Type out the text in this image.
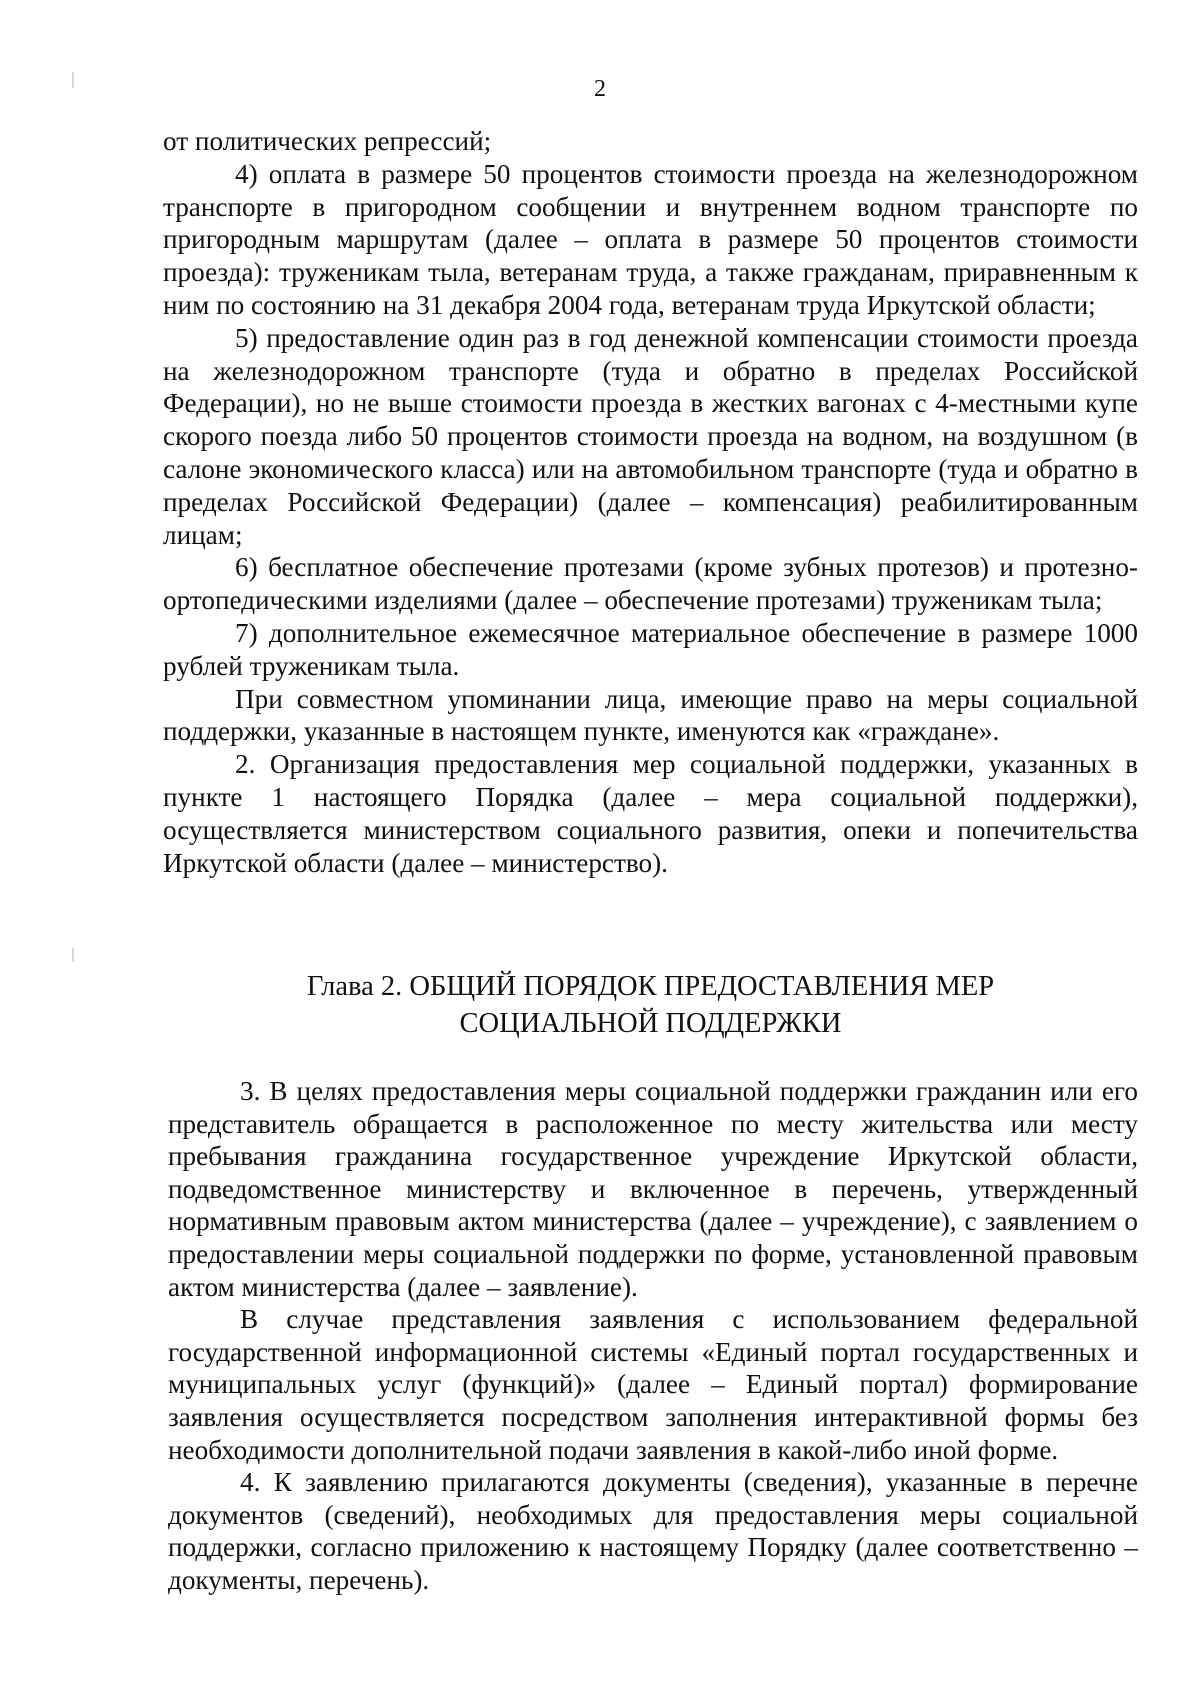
2

от политических репрессий;

4) оплата в размере 50 процентов стоимости проезда на железнодорожном транспорте в пригородном сообщении и внутреннем водном транспорте по пригородным маршрутам (далее – оплата в размере 50 процентов стоимости проезда): труженикам тыла, ветеранам труда, а также гражданам, приравненным к ним по состоянию на 31 декабря 2004 года, ветеранам труда Иркутской области;

5) предоставление один раз в год денежной компенсации стоимости проезда на железнодорожном транспорте (туда и обратно в пределах Российской Федерации), но не выше стоимости проезда в жестких вагонах с 4-местными купе скорого поезда либо 50 процентов стоимости проезда на водном, на воздушном (в салоне экономического класса) или на автомобильном транспорте (туда и обратно в пределах Российской Федерации) (далее – компенсация) реабилитированным лицам;

6) бесплатное обеспечение протезами (кроме зубных протезов) и протезно-ортопедическими изделиями (далее – обеспечение протезами) труженикам тыла;

7) дополнительное ежемесячное материальное обеспечение в размере 1000 рублей труженикам тыла.

При совместном упоминании лица, имеющие право на меры социальной поддержки, указанные в настоящем пункте, именуются как «граждане».

2. Организация предоставления мер социальной поддержки, указанных в пункте 1 настоящего Порядка (далее – мера социальной поддержки), осуществляется министерством социального развития, опеки и попечительства Иркутской области (далее – министерство).

Глава 2. ОБЩИЙ ПОРЯДОК ПРЕДОСТАВЛЕНИЯ МЕР
СОЦИАЛЬНОЙ ПОДДЕРЖКИ

3. В целях предоставления меры социальной поддержки гражданин или его представитель обращается в расположенное по месту жительства или месту пребывания гражданина государственное учреждение Иркутской области, подведомственное министерству и включенное в перечень, утвержденный нормативным правовым актом министерства (далее – учреждение), с заявлением о предоставлении меры социальной поддержки по форме, установленной правовым актом министерства (далее – заявление).

В случае представления заявления с использованием федеральной государственной информационной системы «Единый портал государственных и муниципальных услуг (функций)» (далее – Единый портал) формирование заявления осуществляется посредством заполнения интерактивной формы без необходимости дополнительной подачи заявления в какой-либо иной форме.

4. К заявлению прилагаются документы (сведения), указанные в перечне документов (сведений), необходимых для предоставления меры социальной поддержки, согласно приложению к настоящему Порядку (далее соответственно – документы, перечень).
